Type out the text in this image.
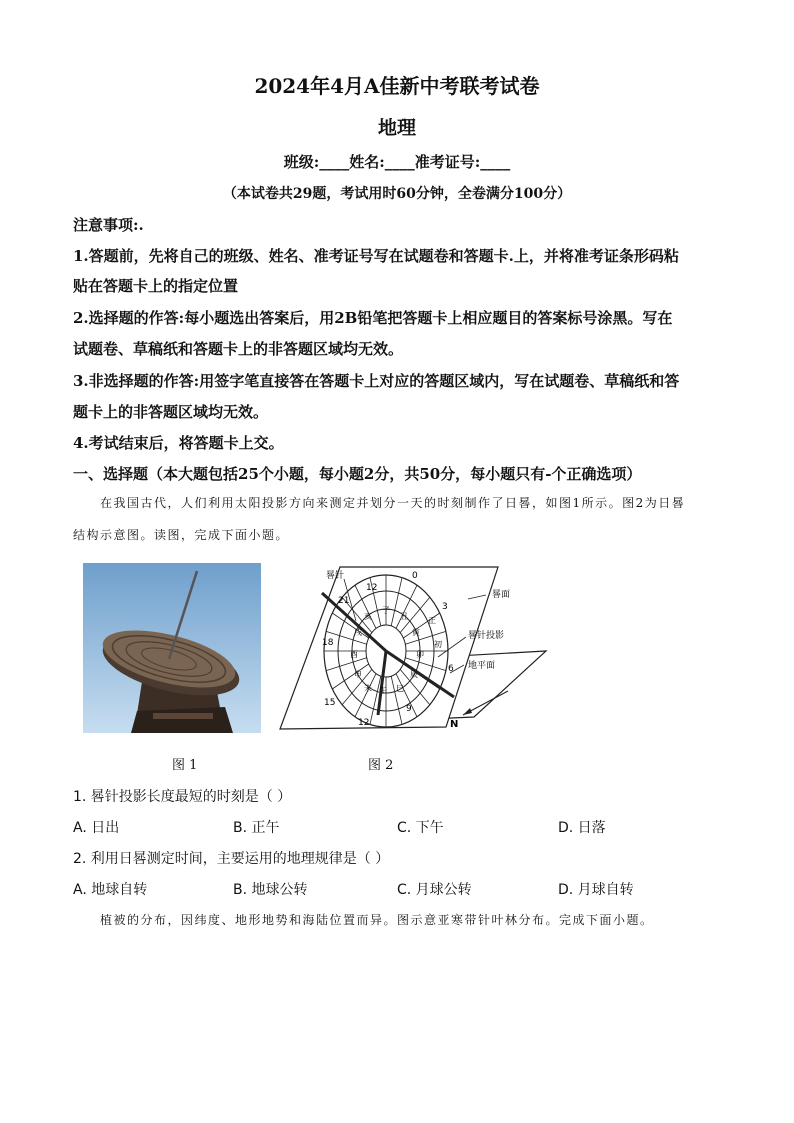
2024年4月A佳新中考联考试卷
地理
班级:____姓名:____准考证号:____
（本试卷共29题，考试用时60分钟，全卷满分100分）
注意事项:.
1.答题前，先将自己的班级、姓名、准考证号写在试题卷和答题卡.上，并将准考证条形码粘
贴在答题卡上的指定位置
2.选择题的作答:每小题选出答案后，用2B铅笔把答题卡上相应题目的答案标号涂黑。写在
试题卷、草稿纸和答题卡上的非答题区域均无效。
3.非选择题的作答:用签字笔直接答在答题卡上对应的答题区域内，写在试题卷、草稿纸和答
题卡上的非答题区域均无效。
4.考试结束后，将答题卡上交。
一、选择题（本大题包括25个小题，每小题2分，共50分，每小题只有-个正确选项）
在我国古代，人们利用太阳投影方向来测定并划分一天的时刻制作了日晷，如图1所示。图2为日晷
结构示意图。读图，完成下面小题。
图 1
晷针
晷面
晷针投影
地平面
N
0
3
6
9
12
12
15
18
21
午 巳
辰
卯
寅
丑
子
亥
戌
酉
申
未
正
初
图 2
1. 晷针投影长度最短的时刻是（ ）
A. 日出	B. 正午	C. 下午	D. 日落
2. 利用日晷测定时间，主要运用的地理规律是（ ）
A. 地球自转	B. 地球公转	C. 月球公转	D. 月球自转
植被的分布，因纬度、地形地势和海陆位置而异。图示意亚寒带针叶林分布。完成下面小题。
